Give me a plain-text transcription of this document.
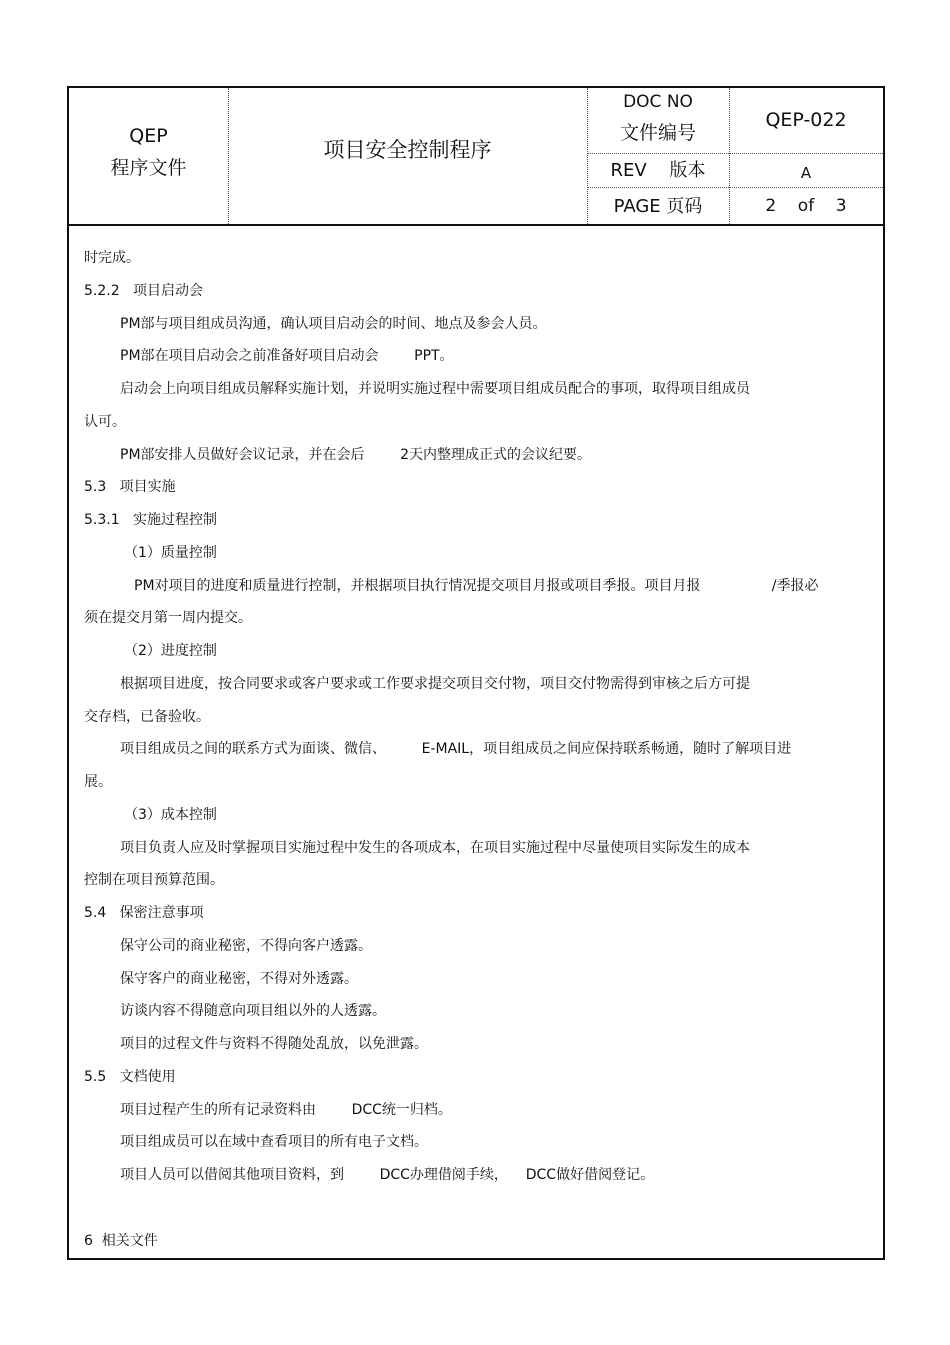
QEP
程序文件
项目安全控制程序
DOC NO
文件编号
QEP-022
REV    版本	A
PAGE 页码	2    of    3
时完成。
5.2.2   项目启动会
PM部与项目组成员沟通，确认项目启动会的时间、地点及参会人员。
PM部在项目启动会之前准备好项目启动会        PPT。
启动会上向项目组成员解释实施计划，并说明实施过程中需要项目组成员配合的事项，取得项目组成员
认可。
PM部安排人员做好会议记录，并在会后        2天内整理成正式的会议纪要。
5.3   项目实施
5.3.1   实施过程控制
（1）质量控制
PM对项目的进度和质量进行控制，并根据项目执行情况提交项目月报或项目季报。项目月报                /季报必
须在提交月第一周内提交。
（2）进度控制
根据项目进度，按合同要求或客户要求或工作要求提交项目交付物，项目交付物需得到审核之后方可提
交存档，已备验收。
项目组成员之间的联系方式为面谈、微信、        E-MAIL，项目组成员之间应保持联系畅通，随时了解项目进
展。
（3）成本控制
项目负责人应及时掌握项目实施过程中发生的各项成本，在项目实施过程中尽量使项目实际发生的成本
控制在项目预算范围。
5.4   保密注意事项
保守公司的商业秘密，不得向客户透露。
保守客户的商业秘密，不得对外透露。
访谈内容不得随意向项目组以外的人透露。
项目的过程文件与资料不得随处乱放，以免泄露。
5.5   文档使用
项目过程产生的所有记录资料由        DCC统一归档。
项目组成员可以在域中查看项目的所有电子文档。
项目人员可以借阅其他项目资料，到        DCC办理借阅手续，    DCC做好借阅登记。
6  相关文件
